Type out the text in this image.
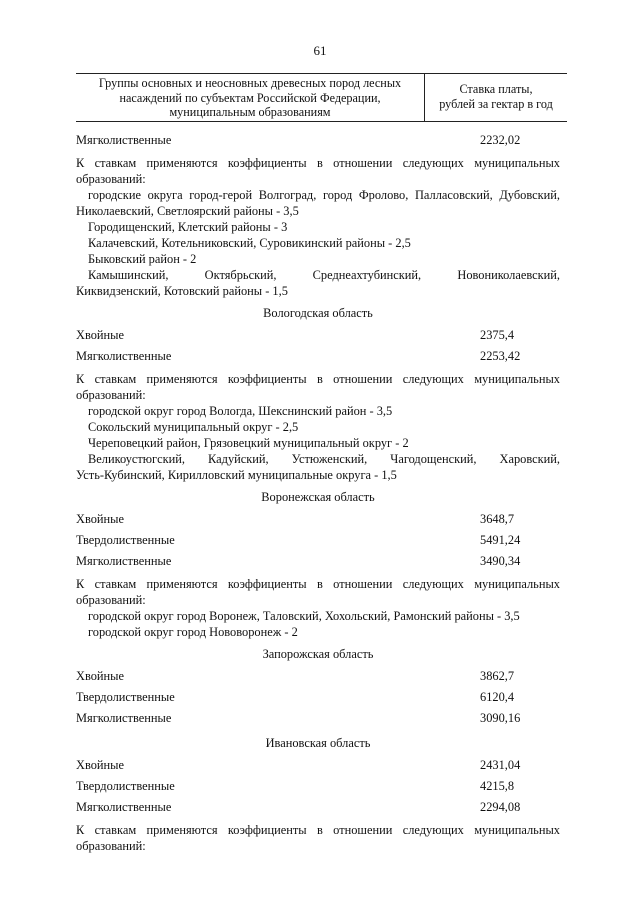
61
Группы основных и неосновных древесных пород лесных
насаждений по субъектам Российской Федерации,
муниципальным образованиям
Ставка платы,
рублей за гектар в год
Мягколиственные	2232,02
К ставкам применяются коэффициенты в отношении следующих муниципальных образований:
городские округа город-герой Волгоград, город Фролово, Палласовский, Дубовский,
Николаевский, Светлоярский районы - 3,5
Городищенский, Клетский районы - 3
Калачевский, Котельниковский, Суровикинский районы - 2,5
Быковский район - 2
Камышинский, Октябрьский, Среднеахтубинский, Новониколаевский,
Киквидзенский, Котовский районы - 1,5
Вологодская область
Хвойные	2375,4
Мягколиственные	2253,42
К ставкам применяются коэффициенты в отношении следующих муниципальных образований:
городской округ город Вологда, Шекснинский район - 3,5
Сокольский муниципальный округ - 2,5
Череповецкий район, Грязовецкий муниципальный округ - 2
Великоустюгский, Кадуйский, Устюженский, Чагодощенский, Харовский,
Усть-Кубинский, Кирилловский муниципальные округа - 1,5
Воронежская область
Хвойные	3648,7
Твердолиственные	5491,24
Мягколиственные	3490,34
К ставкам применяются коэффициенты в отношении следующих муниципальных образований:
городской округ город Воронеж, Таловский, Хохольский, Рамонский районы - 3,5
городской округ город Нововоронеж - 2
Запорожская область
Хвойные	3862,7
Твердолиственные	6120,4
Мягколиственные	3090,16
Ивановская область
Хвойные	2431,04
Твердолиственные	4215,8
Мягколиственные	2294,08
К ставкам применяются коэффициенты в отношении следующих муниципальных образований:
